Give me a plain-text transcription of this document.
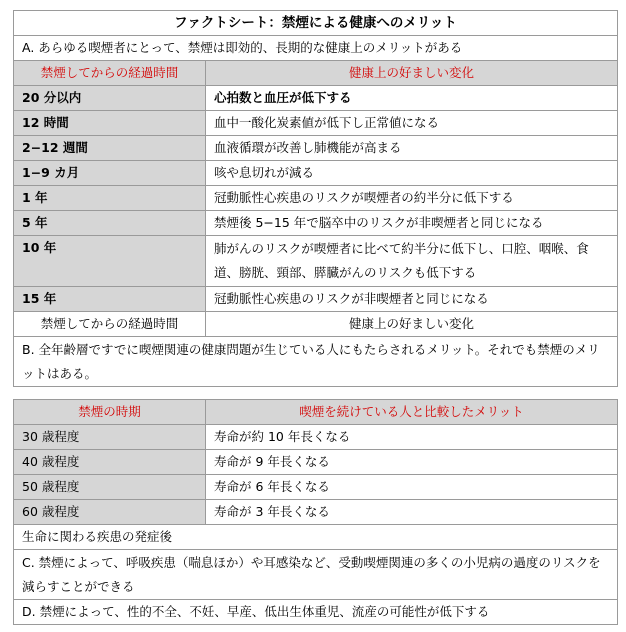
ファクトシート：禁煙による健康へのメリット	
A. あらゆる喫煙者にとって、禁煙は即効的、長期的な健康上のメリットがある	
禁煙してからの経過時間	健康上の好ましい変化
20 分以内	心拍数と血圧が低下する
12 時間	血中一酸化炭素値が低下し正常値になる
2−12 週間	血液循環が改善し肺機能が高まる
1−9 カ月	咳や息切れが減る
1 年	冠動脈性心疾患のリスクが喫煙者の約半分に低下する
5 年	禁煙後 5−15 年で脳卒中のリスクが非喫煙者と同じになる
10 年	肺がんのリスクが喫煙者に比べて約半分に低下し、口腔、咽喉、食道、膀胱、頸部、膵臓がんのリスクも低下する
15 年	冠動脈性心疾患のリスクが非喫煙者と同じになる
禁煙してからの経過時間	健康上の好ましい変化
B. 全年齢層ですでに喫煙関連の健康問題が生じている人にもたらされるメリット。それでも禁煙のメリットはある。	
禁煙の時期	喫煙を続けている人と比較したメリット
30 歳程度	寿命が約 10 年長くなる
40 歳程度	寿命が 9 年長くなる
50 歳程度	寿命が 6 年長くなる
60 歳程度	寿命が 3 年長くなる
生命に関わる疾患の発症後	
C. 禁煙によって、呼吸疾患（喘息ほか）や耳感染など、受動喫煙関連の多くの小児病の過度のリスクを減らすことができる	
D. 禁煙によって、性的不全、不妊、早産、低出生体重児、流産の可能性が低下する	
